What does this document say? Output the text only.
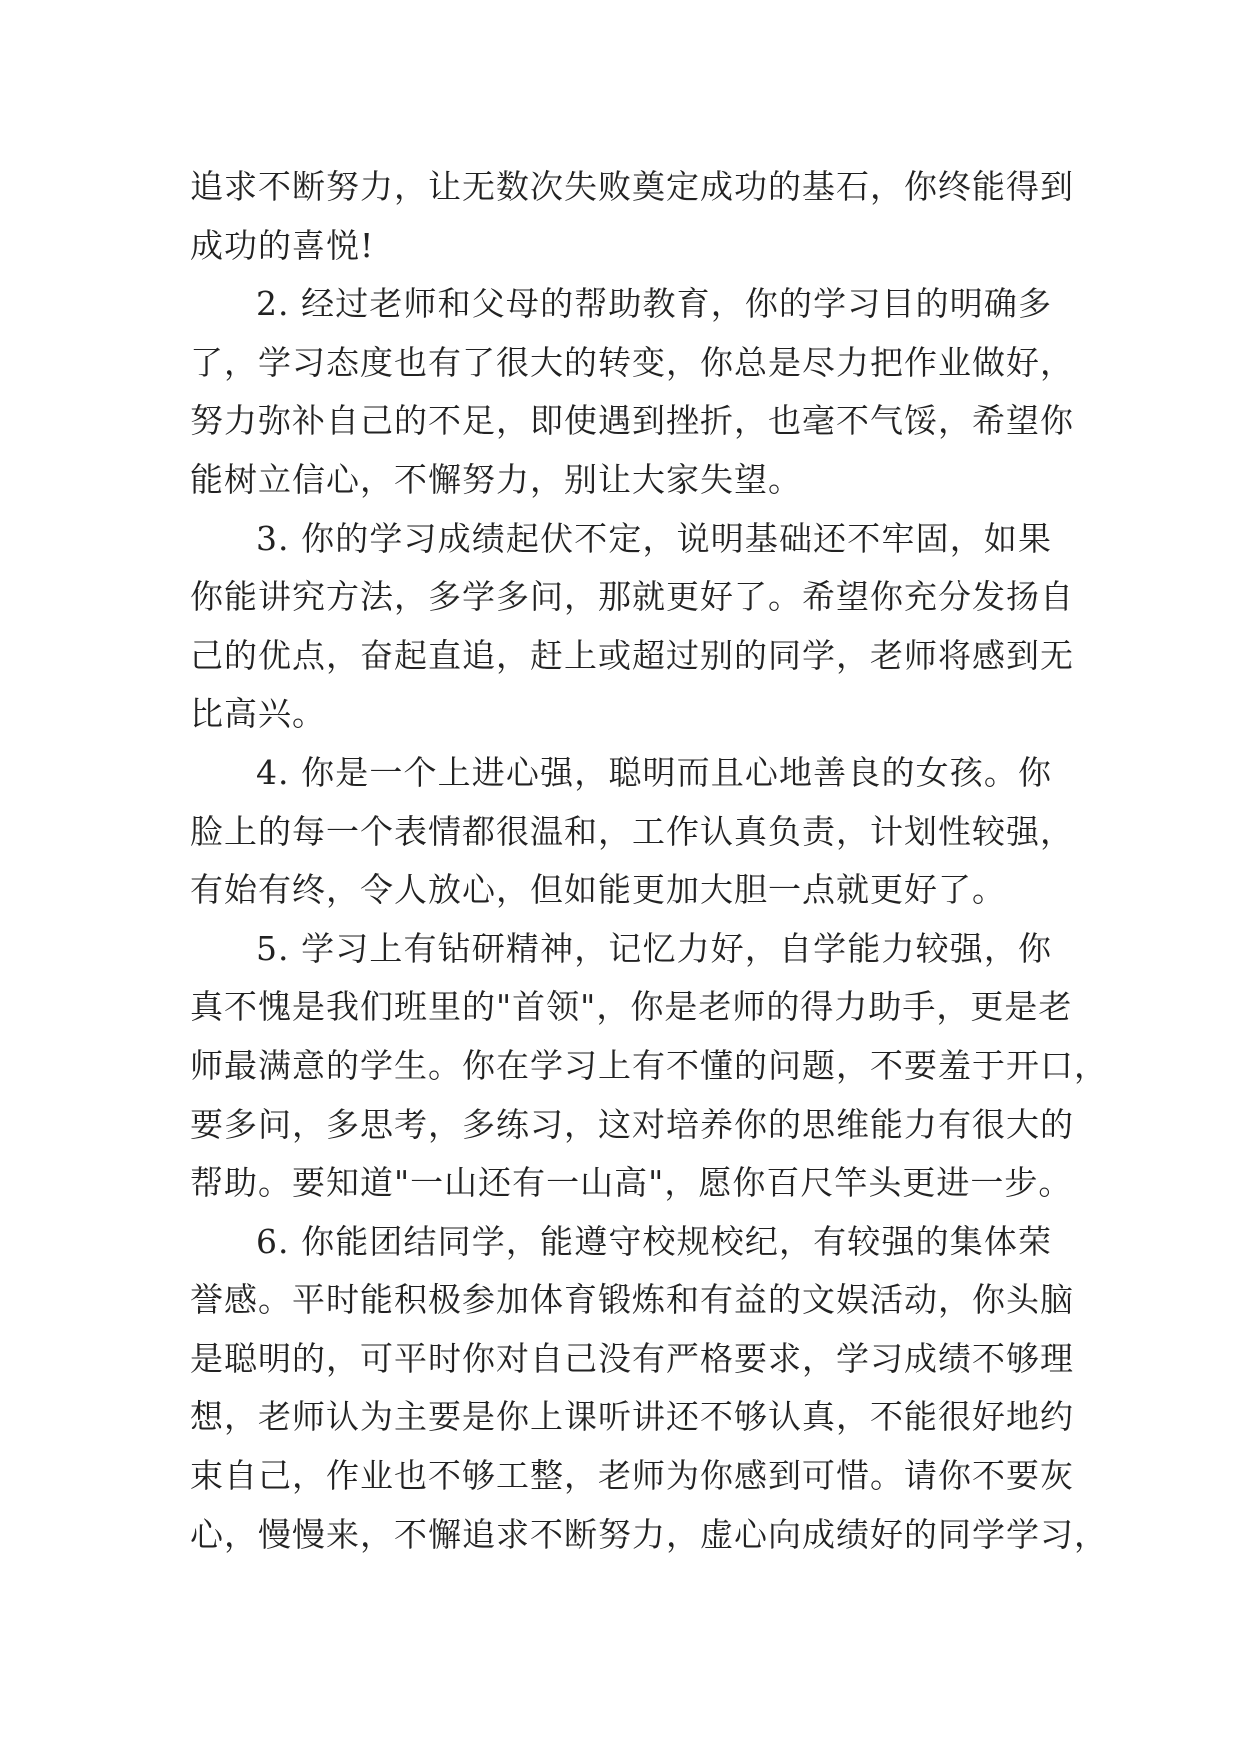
追求不断努力，让无数次失败奠定成功的基石，你终能得到
成功的喜悦!
2. 经过老师和父母的帮助教育，你的学习目的明确多
了，学习态度也有了很大的转变，你总是尽力把作业做好，
努力弥补自己的不足，即使遇到挫折，也毫不气馁，希望你
能树立信心，不懈努力，别让大家失望。
3. 你的学习成绩起伏不定，说明基础还不牢固，如果
你能讲究方法，多学多问，那就更好了。希望你充分发扬自
己的优点，奋起直追，赶上或超过别的同学，老师将感到无
比高兴。
4. 你是一个上进心强，聪明而且心地善良的女孩。你
脸上的每一个表情都很温和，工作认真负责，计划性较强，
有始有终，令人放心，但如能更加大胆一点就更好了。
5. 学习上有钻研精神，记忆力好，自学能力较强，你
真不愧是我们班里的"首领"，你是老师的得力助手，更是老
师最满意的学生。你在学习上有不懂的问题，不要羞于开口，
要多问，多思考，多练习，这对培养你的思维能力有很大的
帮助。要知道"一山还有一山高"，愿你百尺竿头更进一步。
6. 你能团结同学，能遵守校规校纪，有较强的集体荣
誉感。平时能积极参加体育锻炼和有益的文娱活动，你头脑
是聪明的，可平时你对自己没有严格要求，学习成绩不够理
想，老师认为主要是你上课听讲还不够认真，不能很好地约
束自己，作业也不够工整，老师为你感到可惜。请你不要灰
心，慢慢来，不懈追求不断努力，虚心向成绩好的同学学习，
